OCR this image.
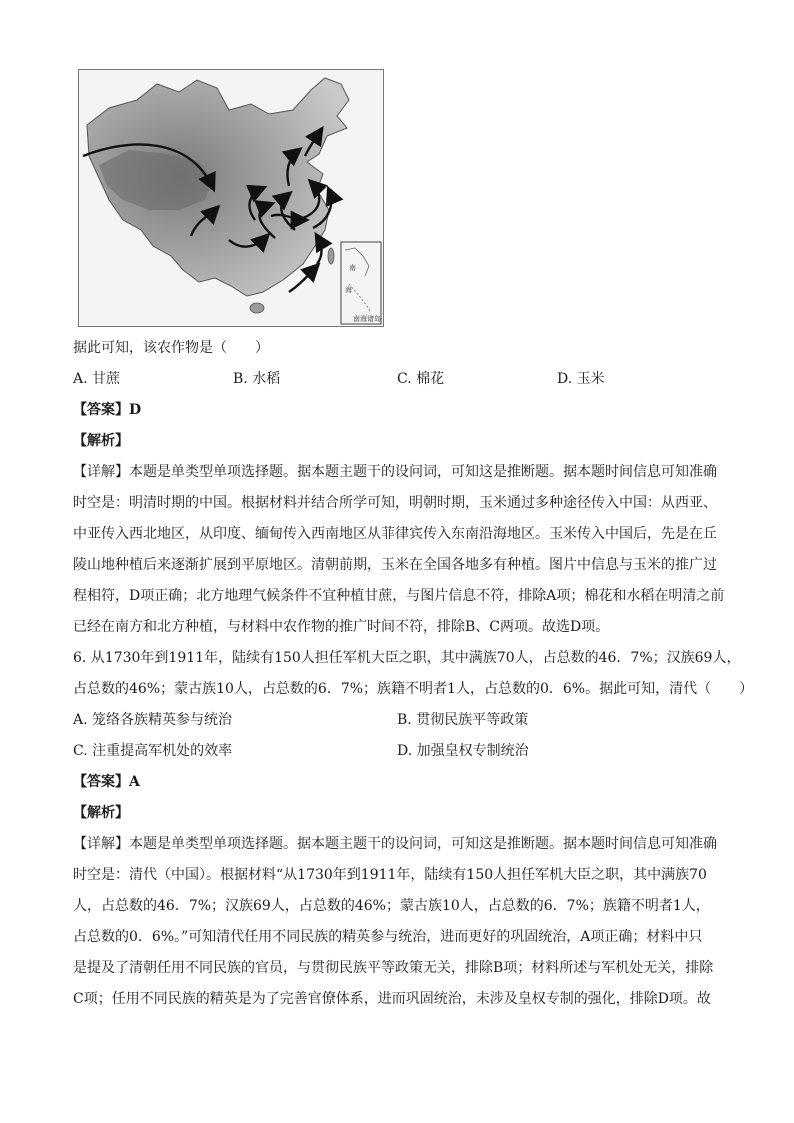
南
海
南海诸岛
据此可知，该农作物是（　　）
A. 甘蔗	B. 水稻	C. 棉花	D. 玉米
【答案】D
【解析】
【详解】本题是单类型单项选择题。据本题主题干的设问词，可知这是推断题。据本题时间信息可知准确
时空是：明清时期的中国。根据材料并结合所学可知，明朝时期，玉米通过多种途径传入中国：从西亚、
中亚传入西北地区，从印度、缅甸传入西南地区从菲律宾传入东南沿海地区。玉米传入中国后，先是在丘
陵山地种植后来逐渐扩展到平原地区。清朝前期，玉米在全国各地多有种植。图片中信息与玉米的推广过
程相符，D项正确；北方地理气候条件不宜种植甘蔗，与图片信息不符，排除A项；棉花和水稻在明清之前
已经在南方和北方种植，与材料中农作物的推广时间不符，排除B、C两项。故选D项。
6. 从1730年到1911年，陆续有150人担任军机大臣之职，其中满族70人，占总数的46．7%；汉族69人，
占总数的46%；蒙古族10人，占总数的6．7%；族籍不明者1人，占总数的0．6%。据此可知，清代（　　）
A. 笼络各族精英参与统治	B. 贯彻民族平等政策
C. 注重提高军机处的效率	D. 加强皇权专制统治
【答案】A
【解析】
【详解】本题是单类型单项选择题。据本题主题干的设问词，可知这是推断题。据本题时间信息可知准确
时空是：清代（中国）。根据材料“从1730年到1911年，陆续有150人担任军机大臣之职，其中满族70
人，占总数的46．7%；汉族69人，占总数的46%；蒙古族10人，占总数的6．7%；族籍不明者1人，
占总数的0．6%。”可知清代任用不同民族的精英参与统治，进而更好的巩固统治，A项正确；材料中只
是提及了清朝任用不同民族的官员，与贯彻民族平等政策无关，排除B项；材料所述与军机处无关，排除
C项；任用不同民族的精英是为了完善官僚体系，进而巩固统治，未涉及皇权专制的强化，排除D项。故
